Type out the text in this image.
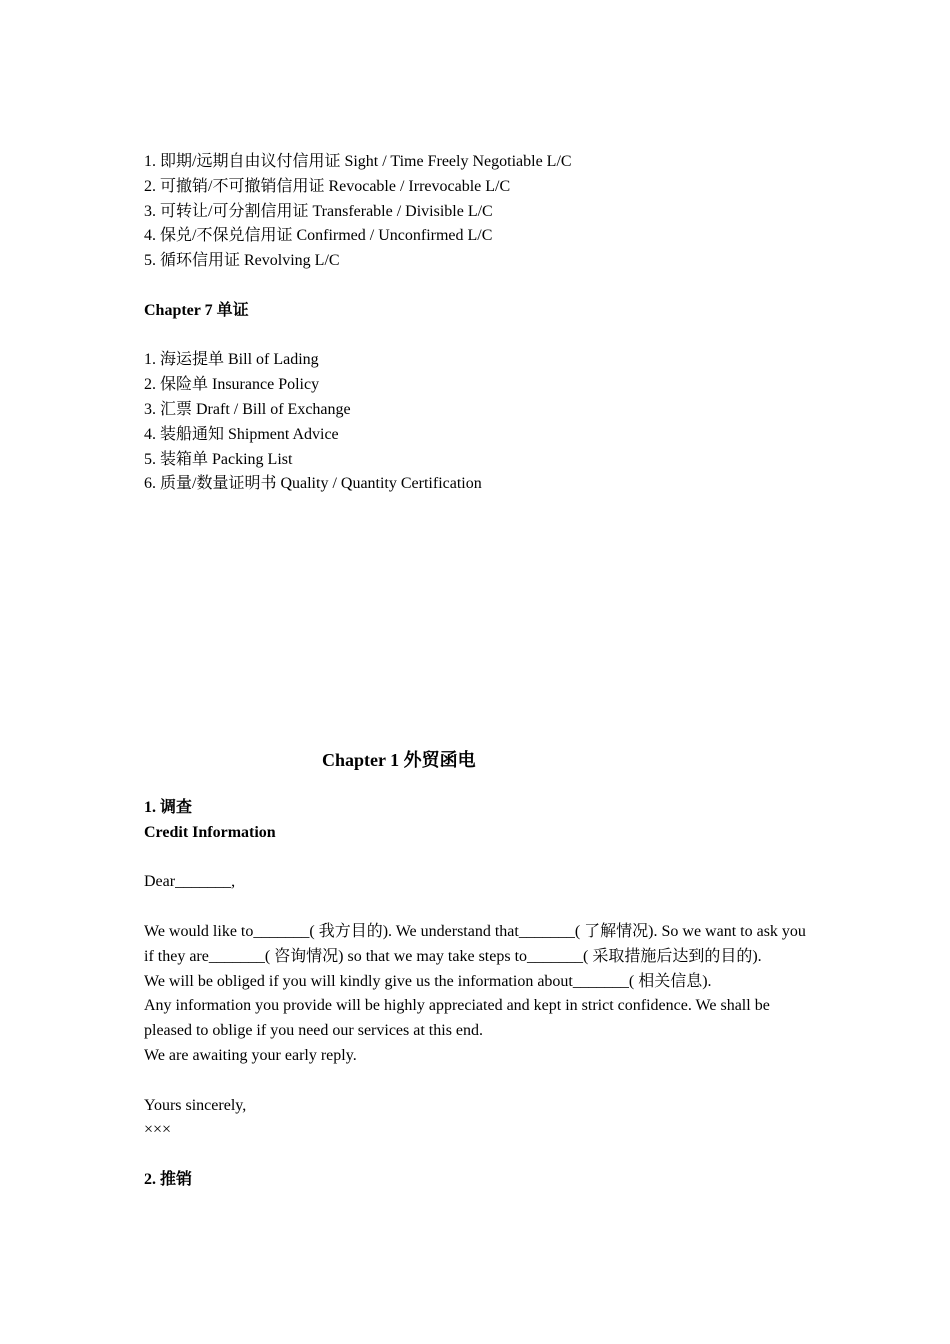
1. 即期/远期自由议付信用证 Sight / Time Freely Negotiable L/C
2. 可撤销/不可撤销信用证 Revocable / Irrevocable L/C
3. 可转让/可分割信用证 Transferable / Divisible L/C
4. 保兑/不保兑信用证 Confirmed / Unconfirmed L/C
5. 循环信用证 Revolving L/C
Chapter 7 单证
1. 海运提单 Bill of Lading
2. 保险单 Insurance Policy
3. 汇票 Draft / Bill of Exchange
4. 装船通知 Shipment Advice
5. 装箱单 Packing List
6. 质量/数量证明书 Quality / Quantity Certification
Chapter 1 外贸函电
1. 调查
Credit Information
Dear_______,
We would like to_______( 我方目的). We understand that_______( 了解情况). So we want to ask you if they are_______( 咨询情况) so that we may take steps to_______( 采取措施后达到的目的).
We will be obliged if you will kindly give us the information about_______( 相关信息).
Any information you provide will be highly appreciated and kept in strict confidence. We shall be pleased to oblige if you need our services at this end.
We are awaiting your early reply.
Yours sincerely,
×××
2. 推销
